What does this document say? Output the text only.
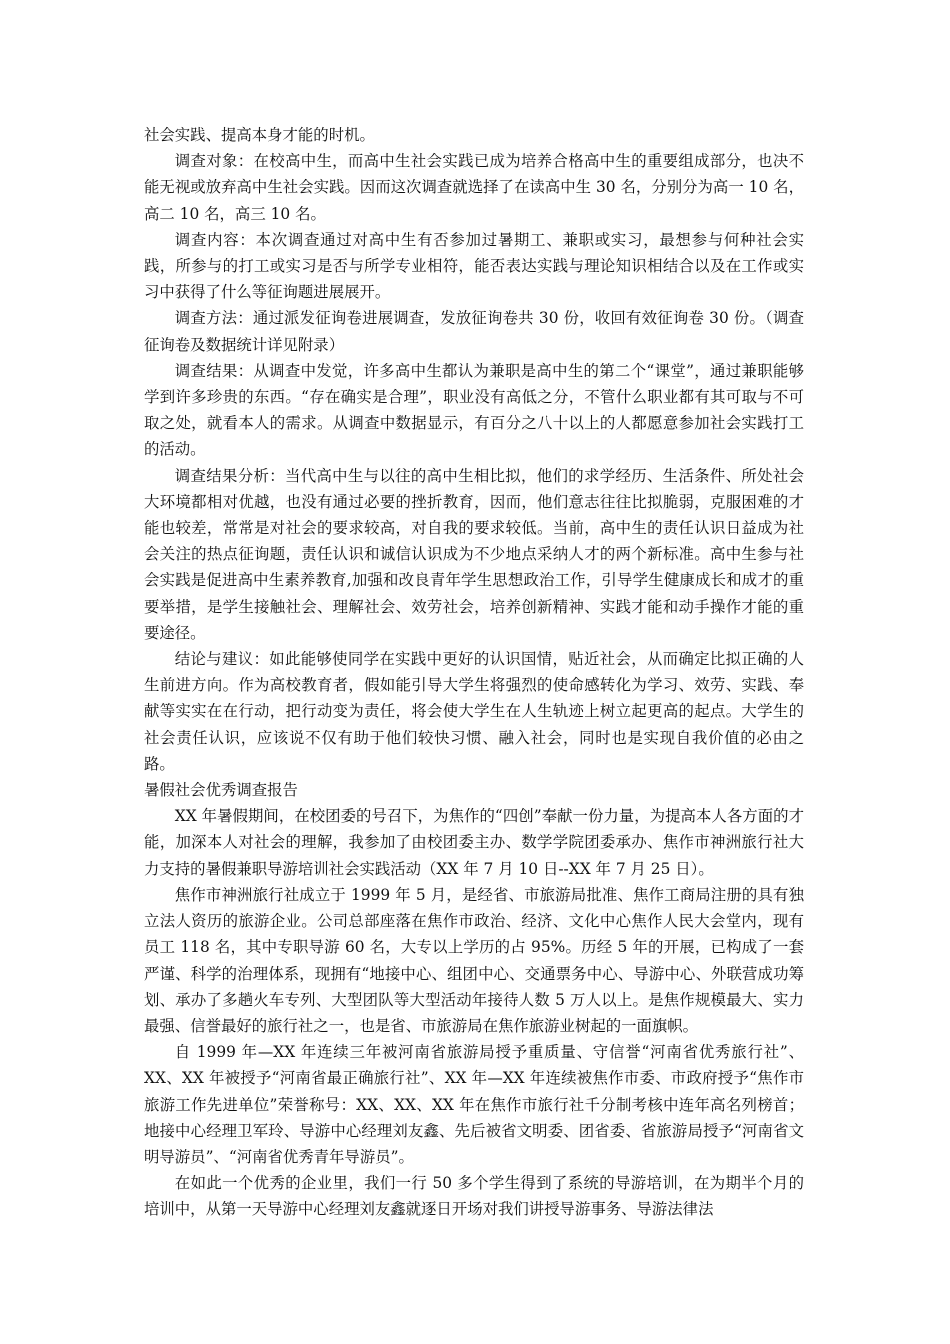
社会实践、提高本身才能的时机。

调查对象：在校高中生，而高中生社会实践已成为培养合格高中生的重要组成部分，也决不能无视或放弃高中生社会实践。因而这次调查就选择了在读高中生 30 名，分别分为高一 10 名，高二 10 名，高三 10 名。

调查内容：本次调查通过对高中生有否参加过暑期工、兼职或实习，最想参与何种社会实践，所参与的打工或实习是否与所学专业相符，能否表达实践与理论知识相结合以及在工作或实习中获得了什么等征询题进展展开。

调查方法：通过派发征询卷进展调查，发放征询卷共 30 份，收回有效征询卷 30 份。（调查征询卷及数据统计详见附录）

调查结果：从调查中发觉，许多高中生都认为兼职是高中生的第二个“课堂”，通过兼职能够学到许多珍贵的东西。“存在确实是合理”，职业没有高低之分，不管什么职业都有其可取与不可取之处，就看本人的需求。从调查中数据显示，有百分之八十以上的人都愿意参加社会实践打工的活动。

调查结果分析：当代高中生与以往的高中生相比拟，他们的求学经历、生活条件、所处社会大环境都相对优越，也没有通过必要的挫折教育，因而，他们意志往往比拟脆弱，克服困难的才能也较差，常常是对社会的要求较高，对自我的要求较低。当前，高中生的责任认识日益成为社会关注的热点征询题，责任认识和诚信认识成为不少地点采纳人才的两个新标准。高中生参与社会实践是促进高中生素养教育,加强和改良青年学生思想政治工作，引导学生健康成长和成才的重要举措，是学生接触社会、理解社会、效劳社会，培养创新精神、实践才能和动手操作才能的重要途径。

结论与建议：如此能够使同学在实践中更好的认识国情，贴近社会，从而确定比拟正确的人生前进方向。作为高校教育者，假如能引导大学生将强烈的使命感转化为学习、效劳、实践、奉献等实实在在行动，把行动变为责任，将会使大学生在人生轨迹上树立起更高的起点。大学生的社会责任认识，应该说不仅有助于他们较快习惯、融入社会，同时也是实现自我价值的必由之路。

暑假社会优秀调查报告

XX 年暑假期间，在校团委的号召下，为焦作的“四创”奉献一份力量，为提高本人各方面的才能，加深本人对社会的理解，我参加了由校团委主办、数学学院团委承办、焦作市神洲旅行社大力支持的暑假兼职导游培训社会实践活动（XX 年 7 月 10 日--XX 年 7 月 25 日）。

焦作市神洲旅行社成立于 1999 年 5 月，是经省、市旅游局批准、焦作工商局注册的具有独立法人资历的旅游企业。公司总部座落在焦作市政治、经济、文化中心焦作人民大会堂内，现有员工 118 名，其中专职导游 60 名，大专以上学历的占 95%。历经 5 年的开展，已构成了一套严谨、科学的治理体系，现拥有“地接中心、组团中心、交通票务中心、导游中心、外联营成功筹划、承办了多趟火车专列、大型团队等大型活动年接待人数 5 万人以上。是焦作规模最大、实力最强、信誉最好的旅行社之一，也是省、市旅游局在焦作旅游业树起的一面旗帜。

自 1999 年—XX 年连续三年被河南省旅游局授予重质量、守信誉“河南省优秀旅行社”、XX、XX 年被授予“河南省最正确旅行社”、XX 年—XX 年连续被焦作市委、市政府授予“焦作市旅游工作先进单位”荣誉称号：XX、XX、XX 年在焦作市旅行社千分制考核中连年高名列榜首；地接中心经理卫军玲、导游中心经理刘友鑫、先后被省文明委、团省委、省旅游局授予“河南省文明导游员”、“河南省优秀青年导游员”。

在如此一个优秀的企业里，我们一行 50 多个学生得到了系统的导游培训，在为期半个月的培训中，从第一天导游中心经理刘友鑫就逐日开场对我们讲授导游事务、导游法律法
